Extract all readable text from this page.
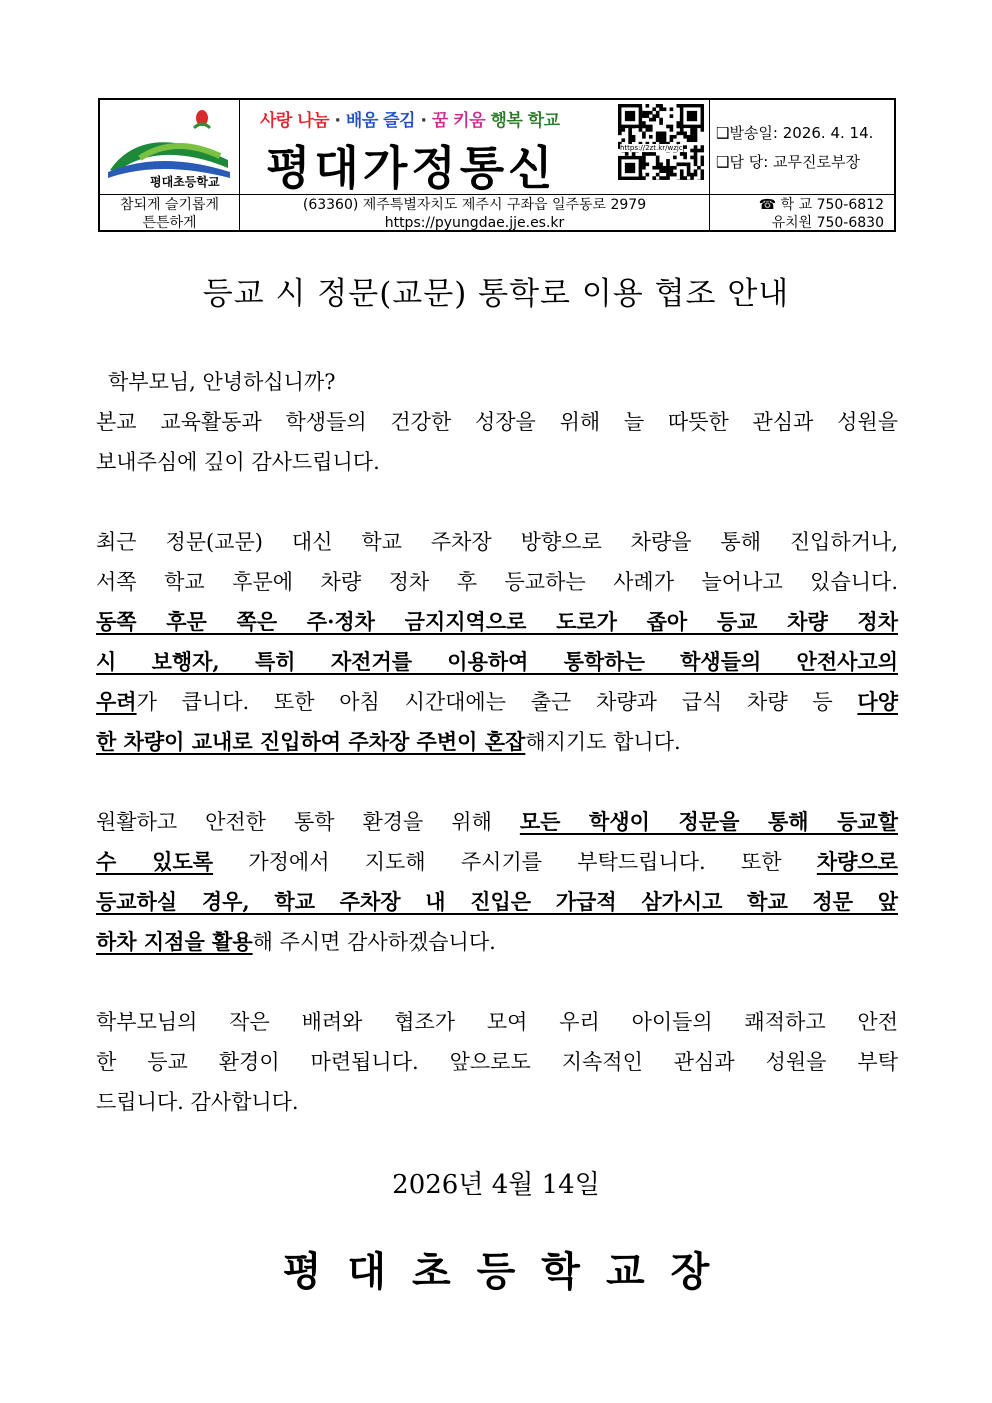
평대초등학교
사랑 나눔 · 배움 즐김 · 꿈 키움 행복 학교
평대가정통신	https://2zt.kr/wzjc
❑발송일: 2026. 4. 14.
❑담 당: 교무진로부장
참되게 슬기롭게
튼튼하게
(63360) 제주특별자치도 제주시 구좌읍 일주동로 2979
https://pyungdae.jje.es.kr
☎ 학 교 750-6812
유치원 750-6830
등교 시 정문(교문) 통학로 이용 협조 안내

학부모님, 안녕하십니까?

본교 교육활동과 학생들의 건강한 성장을 위해 늘 따뜻한 관심과 성원을

보내주심에 깊이 감사드립니다.

최근 정문(교문) 대신 학교 주차장 방향으로 차량을 통해 진입하거나,

서쪽 학교 후문에 차량 정차 후 등교하는 사례가 늘어나고 있습니다.

동쪽 후문 쪽은 주·정차 금지지역으로 도로가 좁아 등교 차량 정차

시 보행자, 특히 자전거를 이용하여 통학하는 학생들의 안전사고의

우려가 큽니다. 또한 아침 시간대에는 출근 차량과 급식 차량 등 다양

한 차량이 교내로 진입하여 주차장 주변이 혼잡해지기도 합니다.

원활하고 안전한 통학 환경을 위해 모든 학생이 정문을 통해 등교할

수 있도록 가정에서 지도해 주시기를 부탁드립니다. 또한 차량으로

등교하실 경우, 학교 주차장 내 진입은 가급적 삼가시고 학교 정문 앞

하차 지점을 활용해 주시면 감사하겠습니다.

학부모님의 작은 배려와 협조가 모여 우리 아이들의 쾌적하고 안전

한 등교 환경이 마련됩니다. 앞으로도 지속적인 관심과 성원을 부탁

드립니다. 감사합니다.

2026년 4월 14일
평대초등학교장
